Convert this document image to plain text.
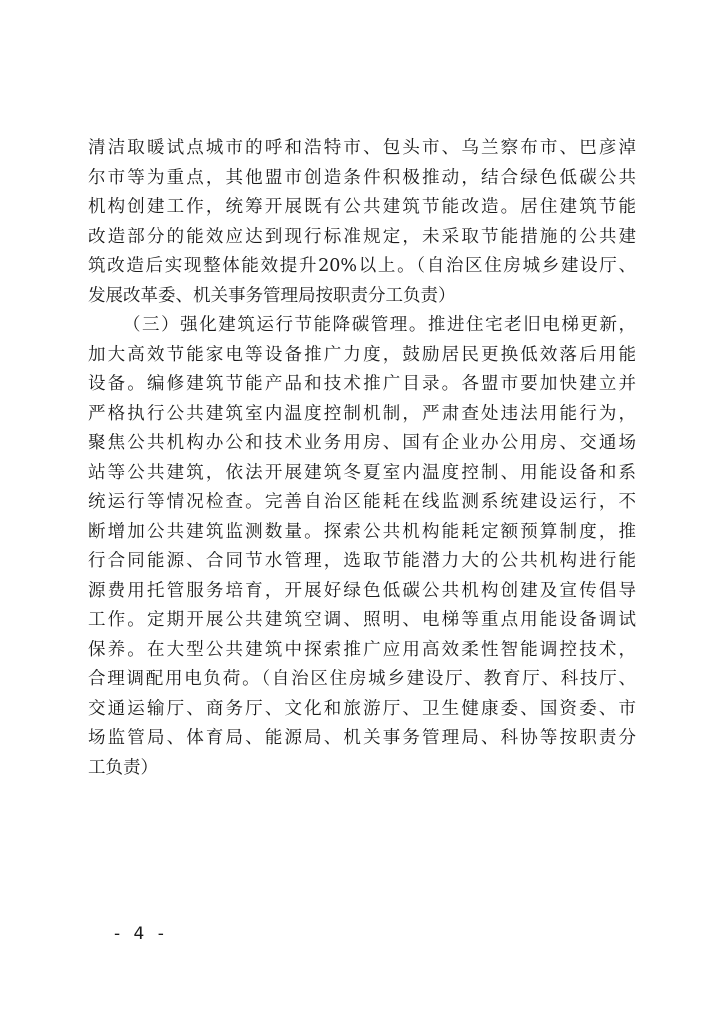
清洁取暖试点城市的呼和浩特市、包头市、乌兰察布市、巴彦淖
尔市等为重点，其他盟市创造条件积极推动，结合绿色低碳公共
机构创建工作，统筹开展既有公共建筑节能改造。居住建筑节能
改造部分的能效应达到现行标准规定，未采取节能措施的公共建
筑改造后实现整体能效提升20%以上。（自治区住房城乡建设厅、
发展改革委、机关事务管理局按职责分工负责）
（三）强化建筑运行节能降碳管理。推进住宅老旧电梯更新，
加大高效节能家电等设备推广力度，鼓励居民更换低效落后用能
设备。编修建筑节能产品和技术推广目录。各盟市要加快建立并
严格执行公共建筑室内温度控制机制，严肃查处违法用能行为，
聚焦公共机构办公和技术业务用房、国有企业办公用房、交通场
站等公共建筑，依法开展建筑冬夏室内温度控制、用能设备和系
统运行等情况检查。完善自治区能耗在线监测系统建设运行，不
断增加公共建筑监测数量。探索公共机构能耗定额预算制度，推
行合同能源、合同节水管理，选取节能潜力大的公共机构进行能
源费用托管服务培育，开展好绿色低碳公共机构创建及宣传倡导
工作。定期开展公共建筑空调、照明、电梯等重点用能设备调试
保养。在大型公共建筑中探索推广应用高效柔性智能调控技术，
合理调配用电负荷。（自治区住房城乡建设厅、教育厅、科技厅、
交通运输厅、商务厅、文化和旅游厅、卫生健康委、国资委、市
场监管局、体育局、能源局、机关事务管理局、科协等按职责分
工负责）
- 4 -
